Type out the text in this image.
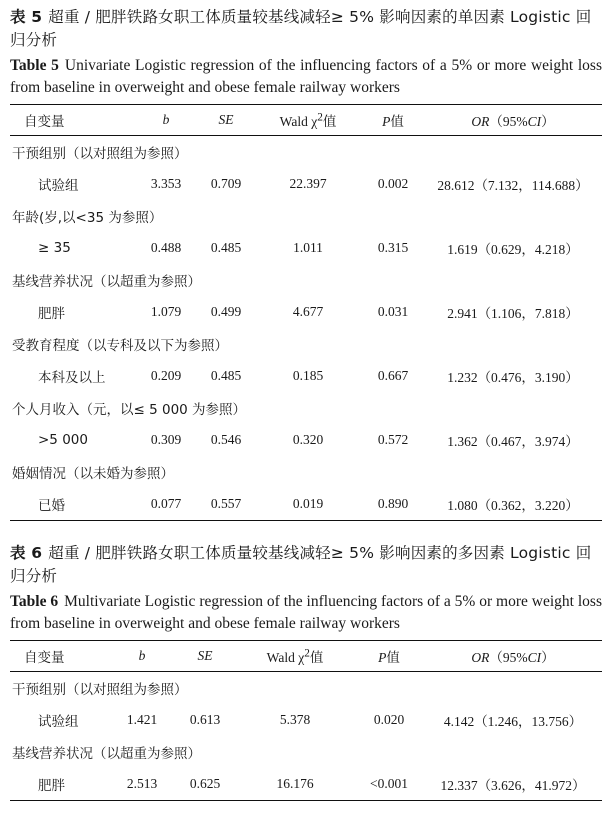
表 5 超重 / 肥胖铁路女职工体质量较基线减轻≥ 5% 影响因素的单因素 Logistic 回归分析

Table 5 Univariate Logistic regression of the influencing factors of a 5% or more weight loss from baseline in overweight and obese female railway workers

自变量	b	SE	Wald $\chi^2$值	P值	OR（95%CI）
干预组别（以对照组为参照）					
试验组	3.353	0.709	22.397	0.002	28.612（7.132，114.688）
年龄(岁,以<35 为参照）					
≥ 35	0.488	0.485	1.011	0.315	1.619（0.629，4.218）
基线营养状况（以超重为参照）					
肥胖	1.079	0.499	4.677	0.031	2.941（1.106，7.818）
受教育程度（以专科及以下为参照）					
本科及以上	0.209	0.485	0.185	0.667	1.232（0.476，3.190）
个人月收入（元，以≤ 5 000 为参照）					
>5 000	0.309	0.546	0.320	0.572	1.362（0.467，3.974）
婚姻情况（以未婚为参照）					
已婚	0.077	0.557	0.019	0.890	1.080（0.362，3.220）

表 6 超重 / 肥胖铁路女职工体质量较基线减轻≥ 5% 影响因素的多因素 Logistic 回归分析

Table 6 Multivariate Logistic regression of the influencing factors of a 5% or more weight loss from baseline in overweight and obese female railway workers

自变量	b	SE	Wald $\chi^2$值	P值	OR（95%CI）
干预组别（以对照组为参照）					
试验组	1.421	0.613	5.378	0.020	4.142（1.246，13.756）
基线营养状况（以超重为参照）					
肥胖	2.513	0.625	16.176	<0.001	12.337（3.626，41.972）
